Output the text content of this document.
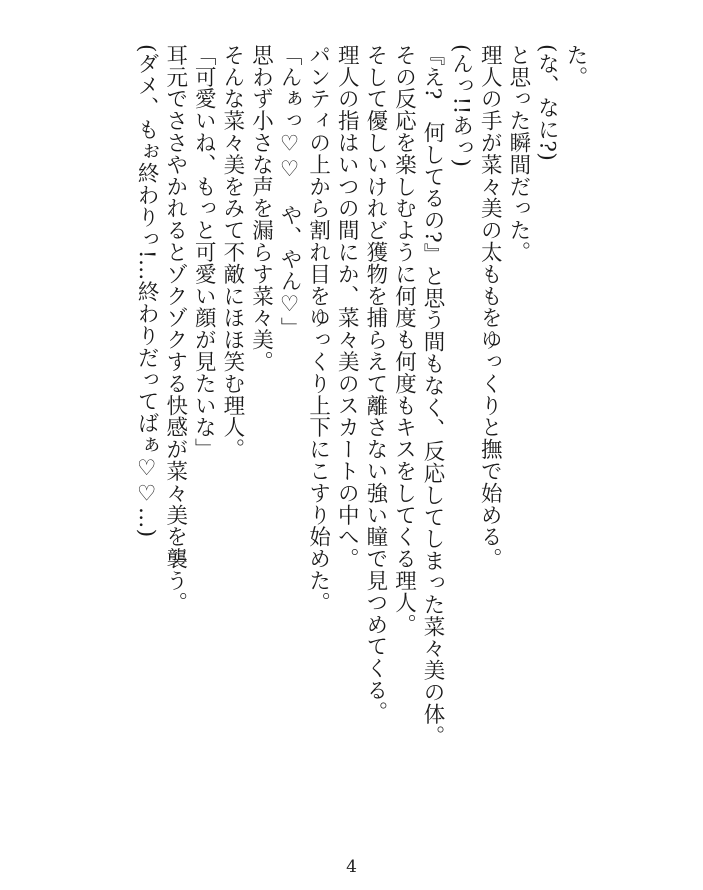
た。
(な、なに?)
と思った瞬間だった。
理人の手が菜々美の太ももをゆっくりと撫で始める。
(んっ!!あっ)
『え?　何してるの?』と思う間もなく、反応してしまった菜々美の体。
その反応を楽しむように何度も何度もキスをしてくる理人。
そして優しいけれど獲物を捕らえて離さない強い瞳で見つめてくる。
理人の指はいつの間にか、菜々美のスカートの中へ。
パンティの上から割れ目をゆっくり上下にこすり始めた。
「んぁっ♡♡　や、やん♡」
思わず小さな声を漏らす菜々美。
そんな菜々美をみて不敵にほほ笑む理人。
「可愛いね、もっと可愛い顔が見たいな」
耳元でささやかれるとゾクゾクする快感が菜々美を襲う。
(ダメ、もぉ終わりっ!…終わりだってばぁ♡♡…)
4
